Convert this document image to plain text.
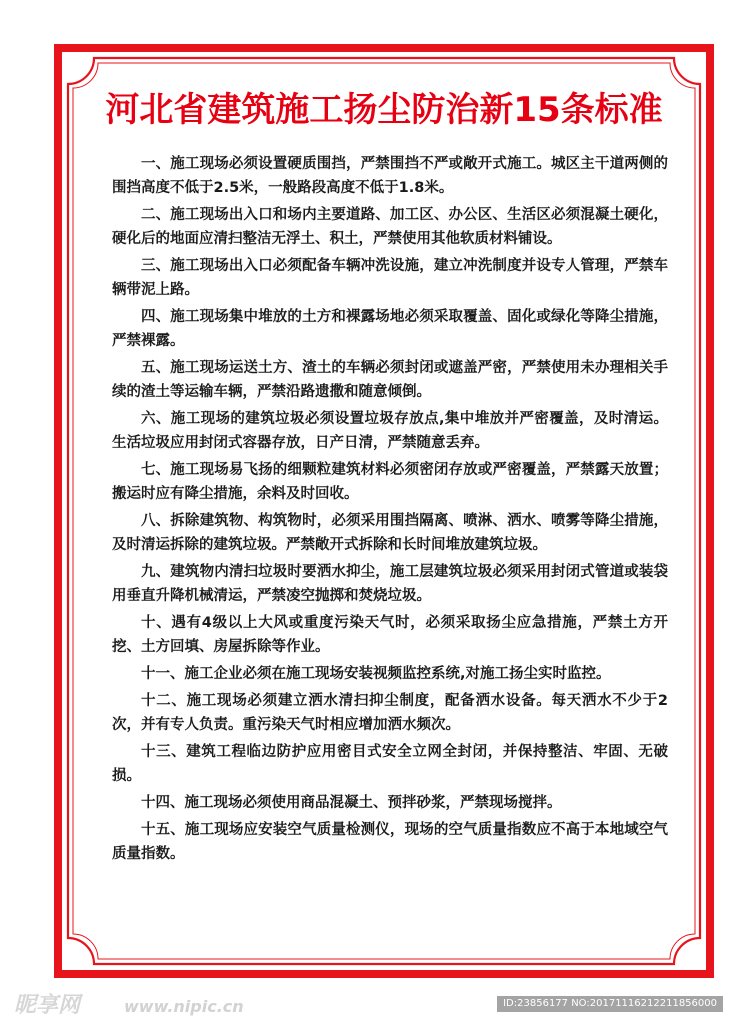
河北省建筑施工扬尘防治新15条标准

一、施工现场必须设置硬质围挡，严禁围挡不严或敞开式施工。城区主干道两侧的围挡高度不低于2.5米，一般路段高度不低于1.8米。

二、施工现场出入口和场内主要道路、加工区、办公区、生活区必须混凝土硬化，硬化后的地面应清扫整洁无浮土、积土，严禁使用其他软质材料铺设。

三、施工现场出入口必须配备车辆冲洗设施，建立冲洗制度并设专人管理，严禁车辆带泥上路。

四、施工现场集中堆放的土方和裸露场地必须采取覆盖、固化或绿化等降尘措施，严禁裸露。

五、施工现场运送土方、渣土的车辆必须封闭或遮盖严密，严禁使用未办理相关手续的渣土等运输车辆，严禁沿路遗撒和随意倾倒。

六、施工现场的建筑垃圾必须设置垃圾存放点,集中堆放并严密覆盖，及时清运。生活垃圾应用封闭式容器存放，日产日清，严禁随意丢弃。

七、施工现场易飞扬的细颗粒建筑材料必须密闭存放或严密覆盖，严禁露天放置；搬运时应有降尘措施，余料及时回收。

八、拆除建筑物、构筑物时，必须采用围挡隔离、喷淋、洒水、喷雾等降尘措施，及时清运拆除的建筑垃圾。严禁敞开式拆除和长时间堆放建筑垃圾。

九、建筑物内清扫垃圾时要洒水抑尘，施工层建筑垃圾必须采用封闭式管道或装袋用垂直升降机械清运，严禁凌空抛掷和焚烧垃圾。

十、遇有4级以上大风或重度污染天气时，必须采取扬尘应急措施，严禁土方开挖、土方回填、房屋拆除等作业。

十一、施工企业必须在施工现场安装视频监控系统,对施工扬尘实时监控。

十二、施工现场必须建立洒水清扫抑尘制度，配备洒水设备。每天洒水不少于2次，并有专人负责。重污染天气时相应增加洒水频次。

十三、建筑工程临边防护应用密目式安全立网全封闭，并保持整洁、牢固、无破损。

十四、施工现场必须使用商品混凝土、预拌砂浆，严禁现场搅拌。

十五、施工现场应安装空气质量检测仪，现场的空气质量指数应不高于本地域空气质量指数。

昵享网	www.nipic.cn	ID:23856177 NO:20171116212211856000
